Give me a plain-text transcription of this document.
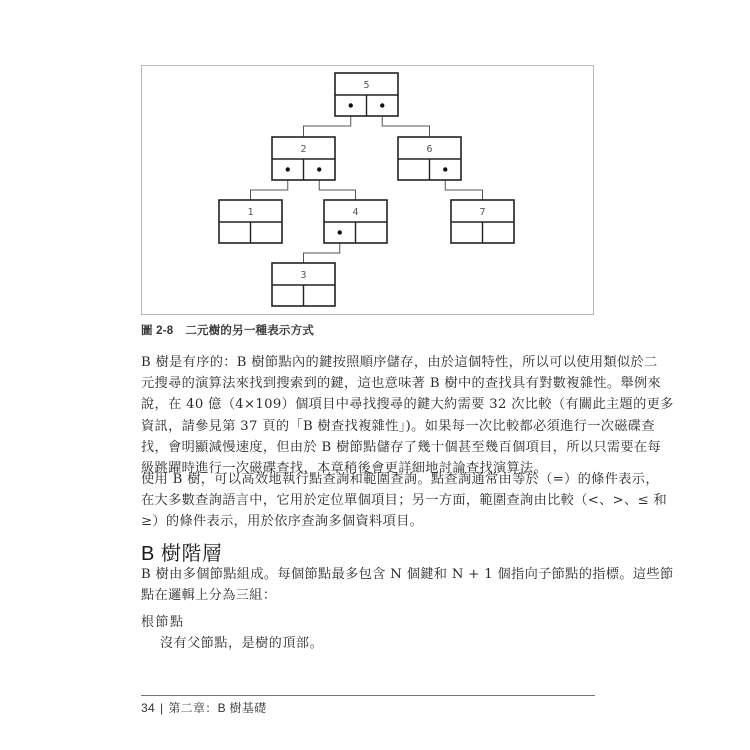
5
2	6
1	4	7
3
圖 2-8 二元樹的另一種表示方式
B 樹是有序的：B 樹節點內的鍵按照順序儲存，由於這個特性，所以可以使用類似於二
元搜尋的演算法來找到搜索到的鍵，這也意味著 B 樹中的查找具有對數複雜性。舉例來
說，在 40 億（4×109）個項目中尋找搜尋的鍵大約需要 32 次比較（有關此主題的更多
資訊，請參見第 37 頁的「B 樹查找複雜性」)。如果每一次比較都必須進行一次磁碟查
找，會明顯減慢速度，但由於 B 樹節點儲存了幾十個甚至幾百個項目，所以只需要在每
級跳躍時進行一次磁碟查找，本章稍後會更詳細地討論查找演算法。
使用 B 樹，可以高效地執行點查詢和範圍查詢。點查詢通常由等於（=）的條件表示，
在大多數查詢語言中，它用於定位單個項目；另一方面，範圍查詢由比較（<、>、≤ 和
≥）的條件表示，用於依序查詢多個資料項目。
B 樹階層
B 樹由多個節點組成。每個節點最多包含 N 個鍵和 N + 1 個指向子節點的指標。這些節
點在邏輯上分為三組：
根節點
沒有父節點，是樹的頂部。
34 | 第二章：B 樹基礎
